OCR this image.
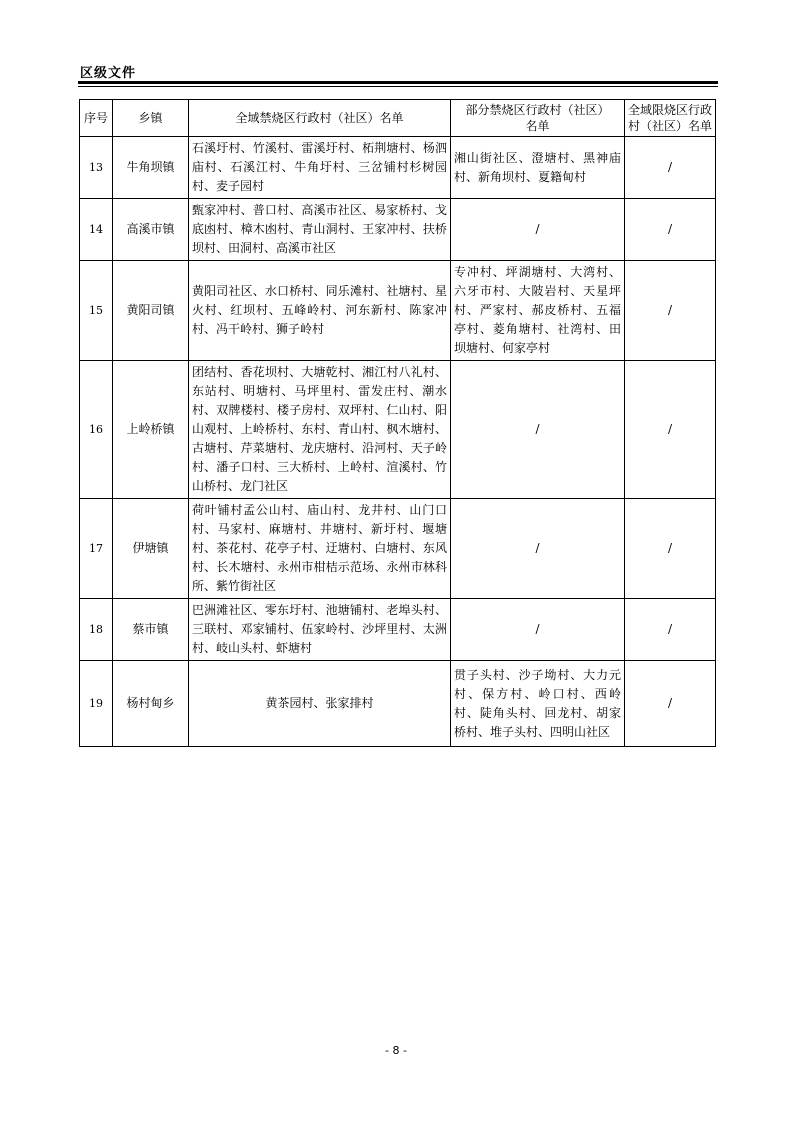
区级文件
序号	乡镇	全域禁烧区行政村（社区）名单	部分禁烧区行政村（社区）名单	全域限烧区行政村（社区）名单
13	牛角坝镇	石溪圩村、竹溪村、雷溪圩村、柘荆塘村、杨泗庙村、石溪江村、牛角圩村、三岔铺村杉树园村、麦子园村	湘山街社区、澄塘村、黑神庙村、新角坝村、夏籍甸村	/
14	高溪市镇	甄家冲村、普口村、高溪市社区、易家桥村、戈底凼村、樟木凼村、青山洞村、王家冲村、扶桥坝村、田洞村、高溪市社区	/	/
15	黄阳司镇	黄阳司社区、水口桥村、同乐滩村、社塘村、星火村、红坝村、五峰岭村、河东新村、陈家冲村、冯干岭村、狮子岭村	专冲村、坪湖塘村、大湾村、六牙市村、大陂岩村、天星坪村、严家村、郝皮桥村、五福亭村、菱角塘村、社湾村、田坝塘村、何家亭村	/
16	上岭桥镇	团结村、香花坝村、大塘乾村、湘江村八礼村、东站村、明塘村、马坪里村、雷发庄村、潮水村、双牌楼村、楼子房村、双坪村、仁山村、阳山观村、上岭桥村、东村、青山村、枫木塘村、古塘村、芹菜塘村、龙庆塘村、沿河村、天子岭村、潘子口村、三大桥村、上岭村、渲溪村、竹山桥村、龙门社区	/	/
17	伊塘镇	荷叶铺村孟公山村、庙山村、龙井村、山门口村、马家村、麻塘村、井塘村、新圩村、堰塘村、茶花村、花亭子村、迂塘村、白塘村、东风村、长木塘村、永州市柑桔示范场、永州市林科所、紫竹街社区	/	/
18	蔡市镇	巴洲滩社区、零东圩村、池塘铺村、老埠头村、三联村、邓家铺村、伍家岭村、沙坪里村、太洲村、岐山头村、虾塘村	/	/
19	杨村甸乡	黄茶园村、张家排村	贯子头村、沙子坳村、大力元村、保方村、岭口村、西岭村、陡角头村、回龙村、胡家桥村、堆子头村、四明山社区	/
- 8 -
